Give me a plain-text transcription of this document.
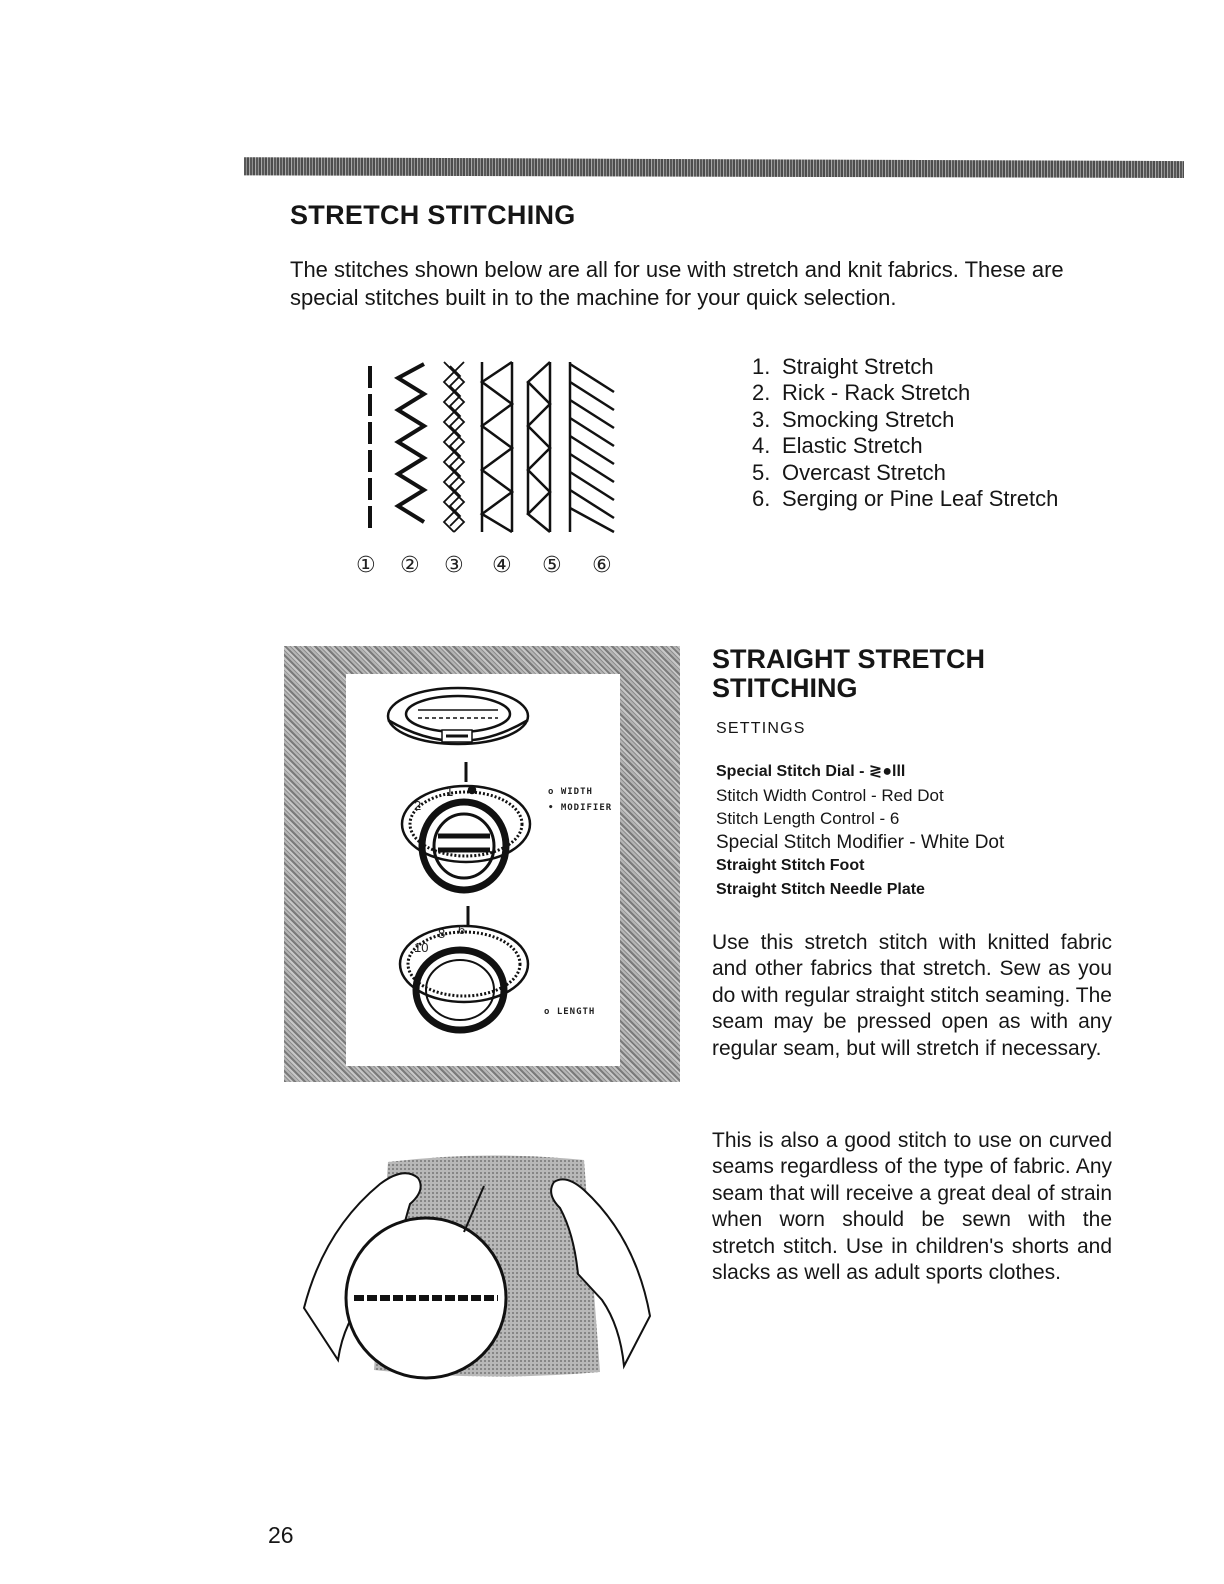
STRETCH STITCHING

The stitches shown below are all for use with stretch and knit fabrics. These are special stitches built in to the machine for your quick selection.

① ② ③ ④ ⑤ ⑥
1. Straight Stretch
2. Rick - Rack Stretch
3. Smocking Stretch
4. Elastic Stretch
5. Overcast Stretch
6. Serging or Pine Leaf Stretch
2
1
10
8 6
o WIDTH
• MODIFIER
o LENGTH
STRAIGHT STRETCH STITCHING

SETTINGS

Special Stitch Dial - ≷●lll
Stitch Width Control - Red Dot
Stitch Length Control - 6
Special Stitch Modifier - White Dot
Straight Stitch Foot
Straight Stitch Needle Plate

Use this stretch stitch with knitted fabric and other fabrics that stretch. Sew as you do with regular straight stitch seaming. The seam may be pressed open as with any regular seam, but will stretch if necessary.

This is also a good stitch to use on curved seams regardless of the type of fabric. Any seam that will receive a great deal of strain when worn should be sewn with the stretch stitch. Use in children's shorts and slacks as well as adult sports clothes.

26
